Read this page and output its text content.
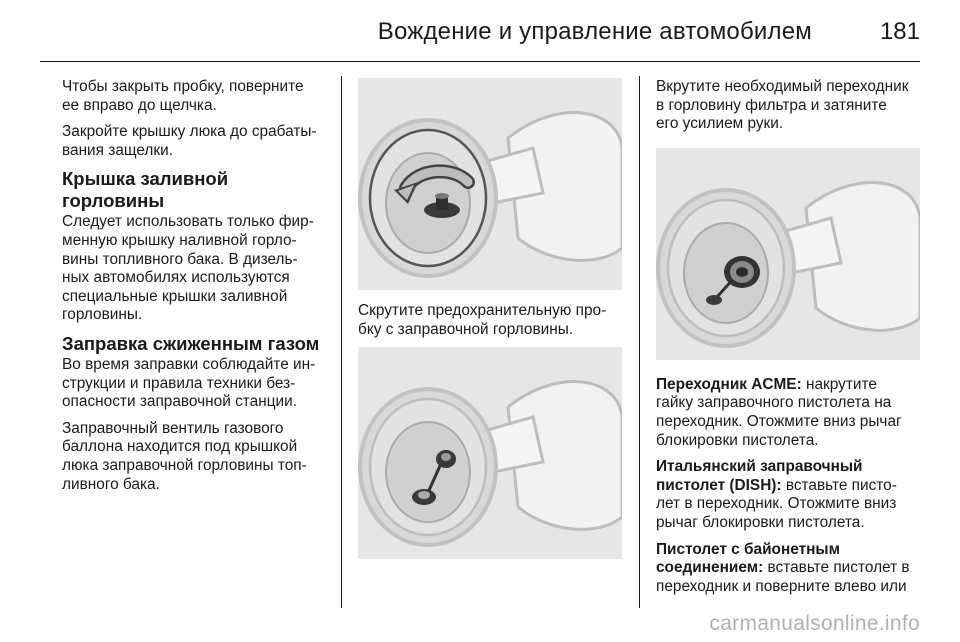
Вождение и управление автомобилем	181

Чтобы закрыть пробку, поверните
ее вправо до щелчка.

Закройте крышку люка до срабаты-
вания защелки.

Крышка заливной горловины

Следует использовать только фир-
менную крышку наливной горло-
вины топливного бака. В дизель-
ных автомобилях используются
специальные крышки заливной
горловины.

Заправка сжиженным газом

Во время заправки соблюдайте ин-
струкции и правила техники без-
опасности заправочной станции.

Заправочный вентиль газового
баллона находится под крышкой
люка заправочной горловины топ-
ливного бака.

Скрутите предохранительную про-
бку с заправочной горловины.

Вкрутите необходимый переходник
в горловину фильтра и затяните
его усилием руки.

Переходник ACME: накрутите
гайку заправочного пистолета на
переходник. Отожмите вниз рычаг
блокировки пистолета.

Итальянский заправочный
пистолет (DISH): вставьте писто-
лет в переходник. Отожмите вниз
рычаг блокировки пистолета.

Пистолет с байонетным
соединением: вставьте пистолет в
переходник и поверните влево или

carmanualsonline.info
